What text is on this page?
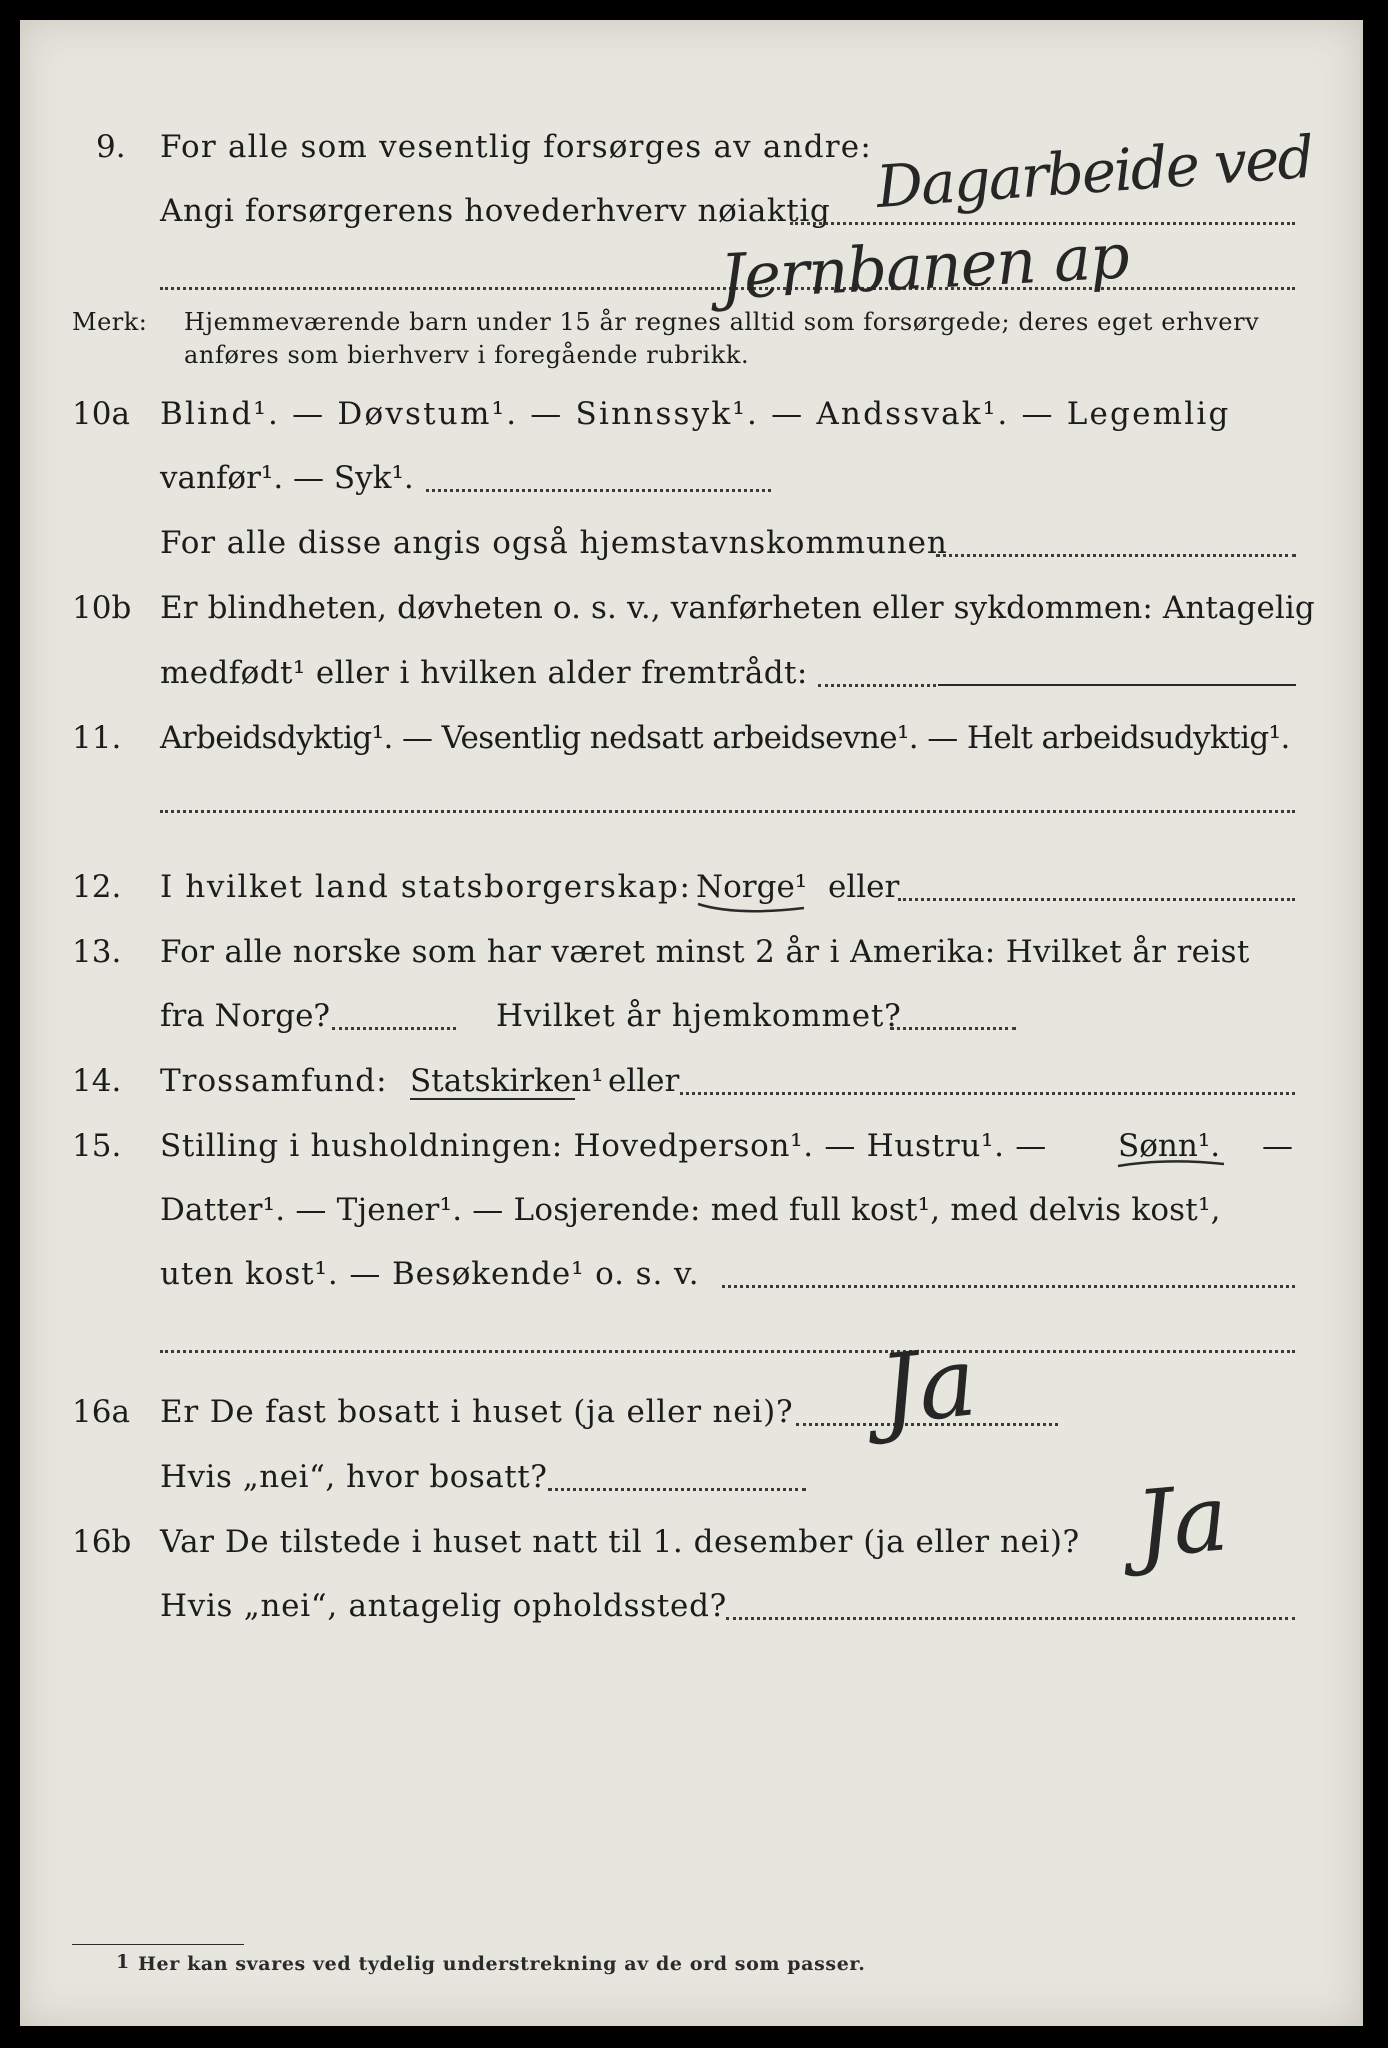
9. For alle som vesentlig forsørges av andre:
Angi forsørgerens hovederhverv nøiaktig Dagarbeide ved
Jernbanen ap
Merk: Hjemmeværende barn under 15 år regnes alltid som forsørgede; deres eget erhverv
anføres som bierhverv i foregående rubrikk.
10a Blind¹. — Døvstum¹. — Sinnssyk¹. — Andssvak¹. — Legemlig
vanfør¹. — Syk¹.
For alle disse angis også hjemstavnskommunen
10b Er blindheten, døvheten o. s. v., vanførheten eller sykdommen: Antagelig
medfødt¹ eller i hvilken alder fremtrådt:
11. Arbeidsdyktig¹. — Vesentlig nedsatt arbeidsevne¹. — Helt arbeidsudyktig¹.
12. I hvilket land statsborgerskap: Norge¹ eller
13. For alle norske som har været minst 2 år i Amerika: Hvilket år reist
fra Norge?	Hvilket år hjemkommet?
14. Trossamfund: Statskirken¹ eller
15. Stilling i husholdningen: Hovedperson¹. — Hustru¹. — Sønn¹. —
Datter¹. — Tjener¹. — Losjerende: med full kost¹, med delvis kost¹,
uten kost¹. — Besøkende¹ o. s. v.
16a Er De fast bosatt i huset (ja eller nei)? Ja
Hvis „nei“, hvor bosatt?
16b Var De tilstede i huset natt til 1. desember (ja eller nei)? Ja
Hvis „nei“, antagelig opholdssted?
1 Her kan svares ved tydelig understrekning av de ord som passer.
